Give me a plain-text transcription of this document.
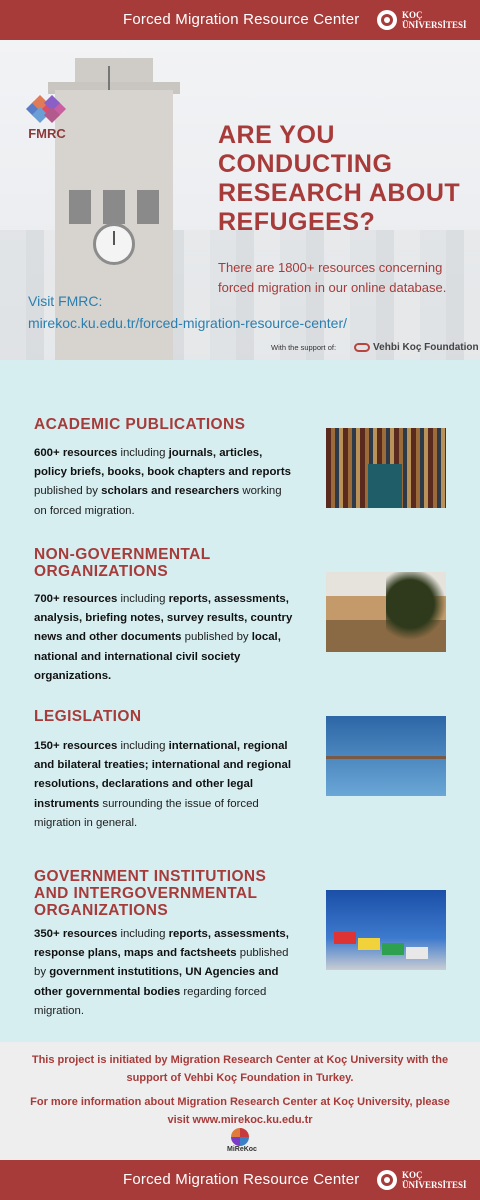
Forced Migration Resource Center	KOÇ
ÜNİVERSİTESİ
FMRC	ARE YOU CONDUCTING RESEARCH ABOUT REFUGEES?
There are 1800+ resources concerning forced migration in our online database.
Visit FMRC:
mirekoc.ku.edu.tr/forced-migration-resource-center/
With the support of:	Vehbi Koç Foundation
ACADEMIC PUBLICATIONS
600+ resources including journals, articles, policy briefs, books, book chapters and reports published by scholars and researchers working on forced migration.
NON-GOVERNMENTAL ORGANIZATIONS
700+ resources including reports, assessments, analysis, briefing notes, survey results, country news and other documents published by local, national and international civil society organizations.
LEGISLATION
150+ resources including international, regional and bilateral treaties; international and regional resolutions, declarations and other legal instruments surrounding the issue of forced migration in general.
GOVERNMENT INSTITUTIONS AND INTERGOVERNMENTAL ORGANIZATIONS
350+ resources including reports, assessments, response plans, maps and factsheets published by government instutitions, UN Agencies and other governmental bodies regarding forced migration.
This project is initiated by Migration Research Center at Koç University with the support of Vehbi Koç Foundation in Turkey.
For more information about Migration Research Center at Koç University, please visit www.mirekoc.ku.edu.tr
MiReKoc
Forced Migration Resource Center	KOÇ
ÜNİVERSİTESİ
